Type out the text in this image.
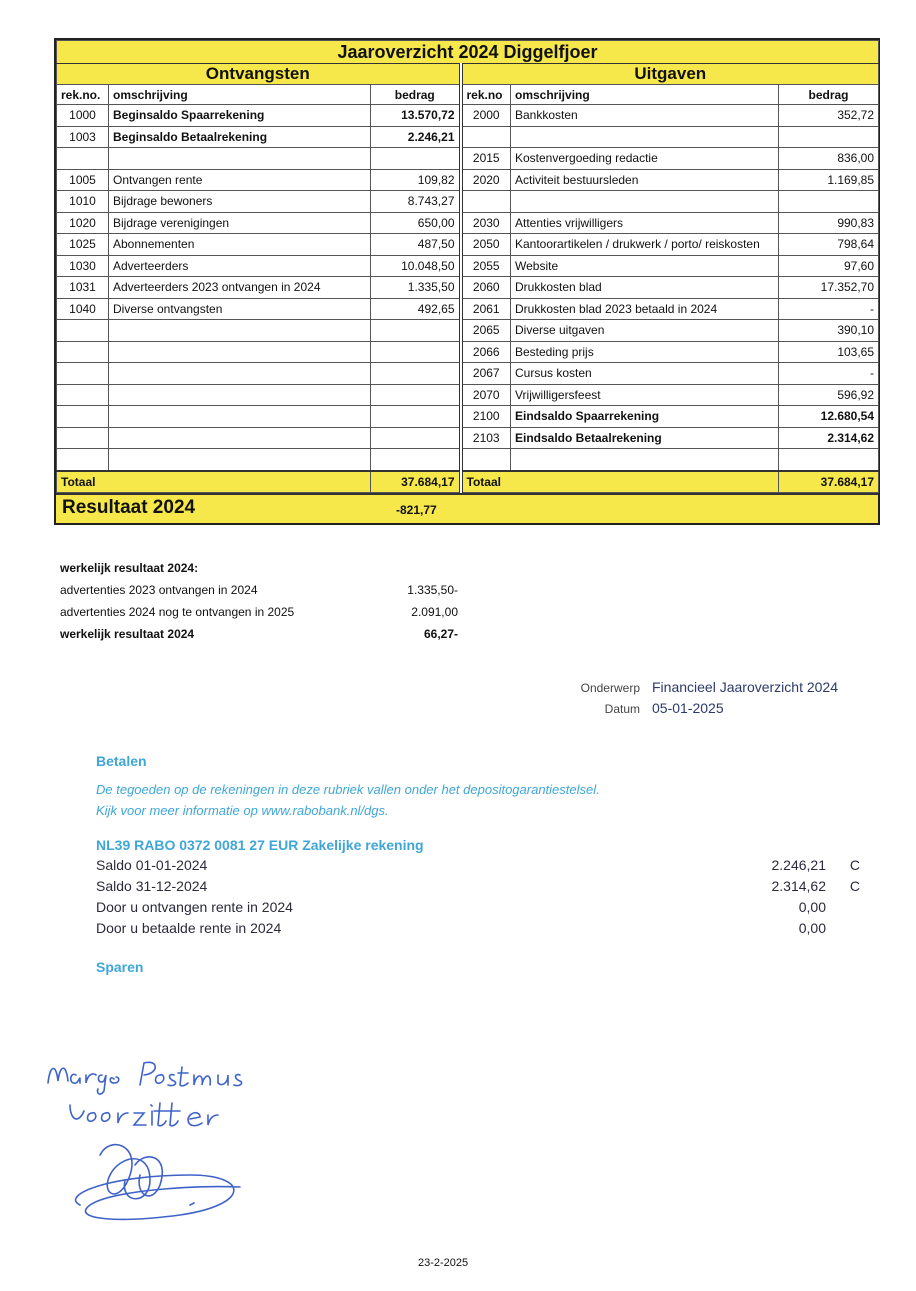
Jaaroverzicht 2024 Diggelfjoer					
Ontvangsten			Uitgaven		
rek.no.	omschrijving	bedrag	rek.no	omschrijving	bedrag
1000	Beginsaldo Spaarrekening	13.570,72	2000	Bankkosten	352,72
1003	Beginsaldo Betaalrekening	2.246,21			
			2015	Kostenvergoeding redactie	836,00
1005	Ontvangen rente	109,82	2020	Activiteit bestuursleden	1.169,85
1010	Bijdrage bewoners	8.743,27			
1020	Bijdrage verenigingen	650,00	2030	Attenties vrijwilligers	990,83
1025	Abonnementen	487,50	2050	Kantoorartikelen / drukwerk / porto/ reiskosten	798,64
1030	Adverteerders	10.048,50	2055	Website	97,60
1031	Adverteerders 2023 ontvangen in 2024	1.335,50	2060	Drukkosten blad	17.352,70
1040	Diverse ontvangsten	492,65	2061	Drukkosten blad 2023 betaald in 2024	-
			2065	Diverse uitgaven	390,10
			2066	Besteding prijs	103,65
			2067	Cursus kosten	-
			2070	Vrijwilligersfeest	596,92
			2100	Eindsaldo Spaarrekening	12.680,54
			2103	Eindsaldo Betaalrekening	2.314,62

Totaal		37.684,17	Totaal		37.684,17
Resultaat 2024	-821,77
werkelijk resultaat 2024:
advertenties 2023 ontvangen in 2024	1.335,50-
advertenties 2024 nog te ontvangen in 2025	2.091,00
werkelijk resultaat 2024	66,27-
Onderwerp Financieel Jaaroverzicht 2024
Datum 05-01-2025
Betalen
De tegoeden op de rekeningen in deze rubriek vallen onder het depositogarantiestelsel.
Kijk voor meer informatie op www.rabobank.nl/dgs.
NL39 RABO 0372 0081 27 EUR Zakelijke rekening
Saldo 01-01-2024	2.246,21 C
Saldo 31-12-2024	2.314,62 C
Door u ontvangen rente in 2024	0,00
Door u betaalde rente in 2024	0,00
Sparen
23-2-2025
